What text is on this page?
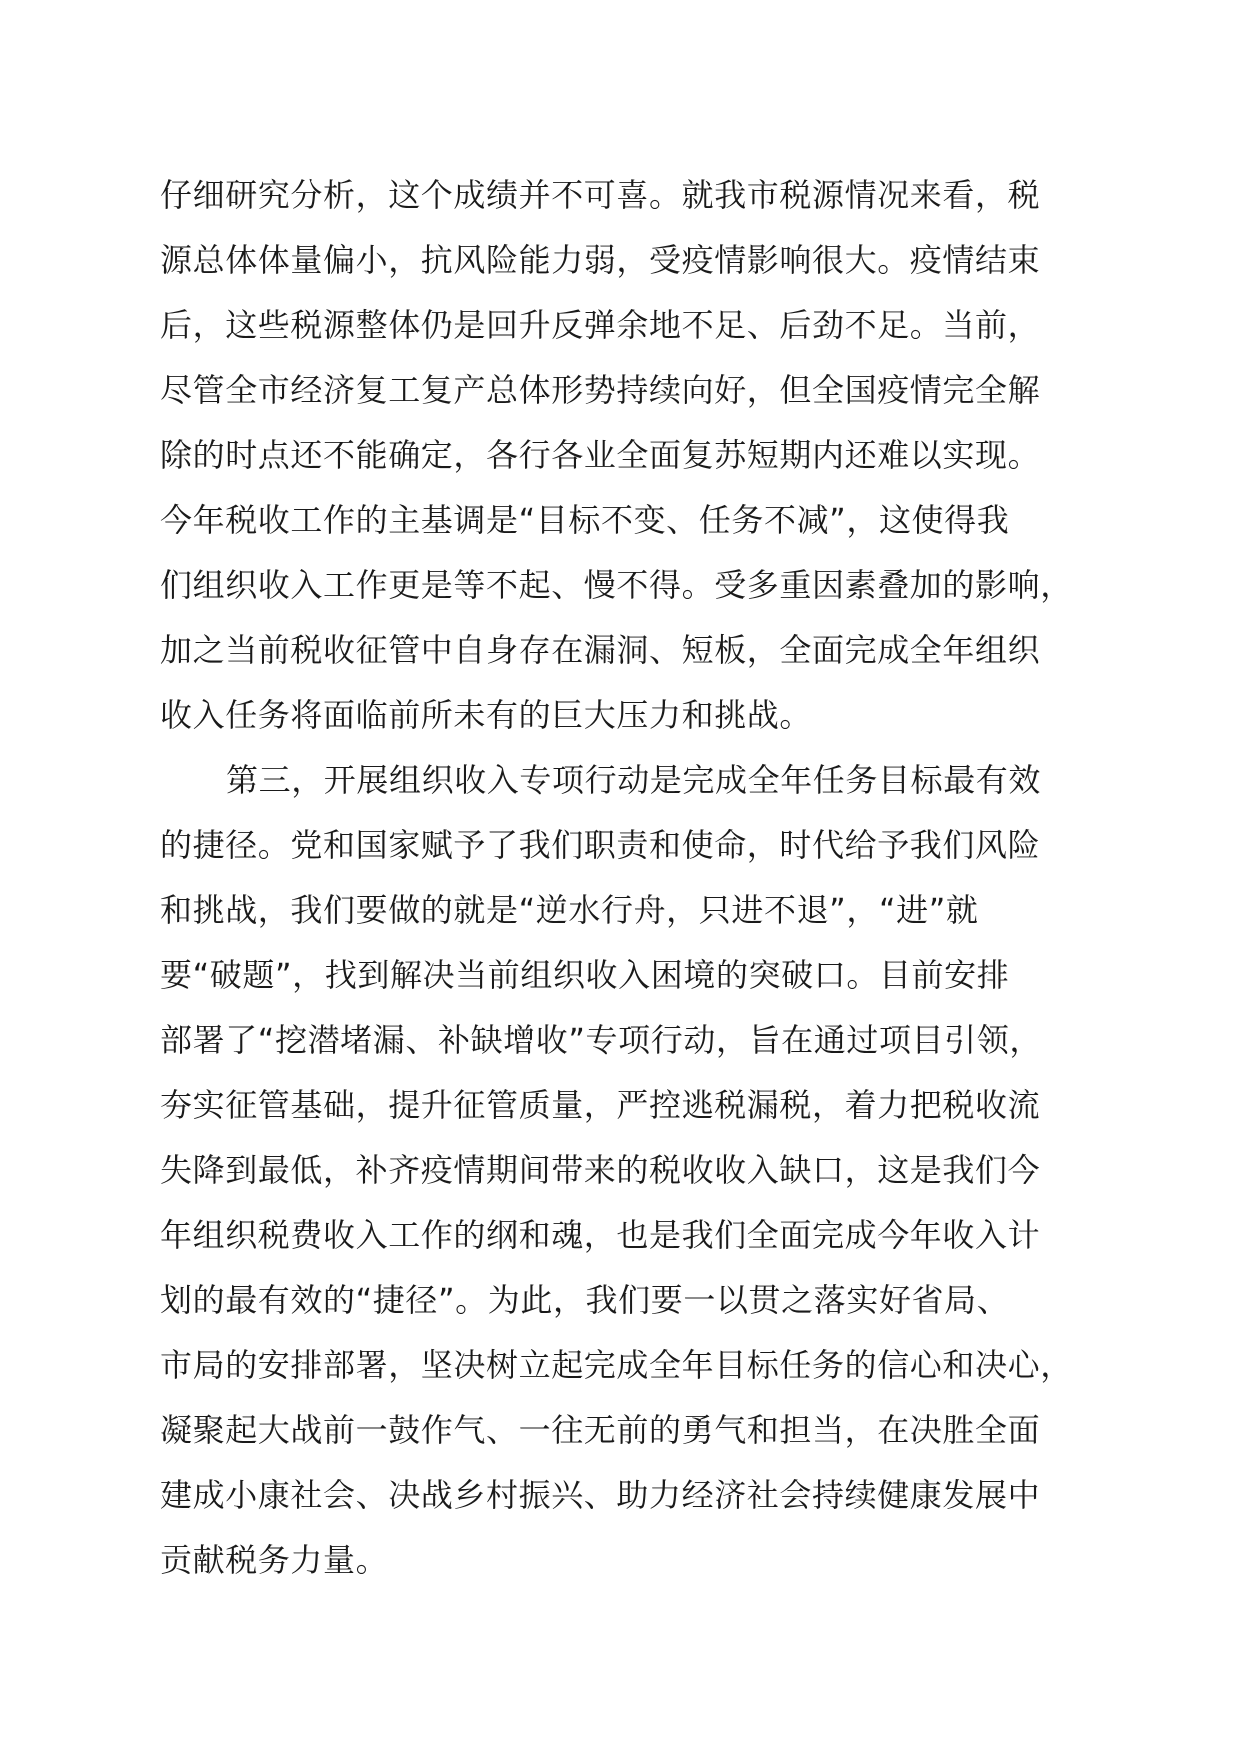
仔细研究分析，这个成绩并不可喜。就我市税源情况来看，税
源总体体量偏小，抗风险能力弱，受疫情影响很大。疫情结束
后，这些税源整体仍是回升反弹余地不足、后劲不足。当前，
尽管全市经济复工复产总体形势持续向好，但全国疫情完全解
除的时点还不能确定，各行各业全面复苏短期内还难以实现。
今年税收工作的主基调是“目标不变、任务不减”，这使得我
们组织收入工作更是等不起、慢不得。受多重因素叠加的影响，
加之当前税收征管中自身存在漏洞、短板，全面完成全年组织
收入任务将面临前所未有的巨大压力和挑战。
第三，开展组织收入专项行动是完成全年任务目标最有效
的捷径。党和国家赋予了我们职责和使命，时代给予我们风险
和挑战，我们要做的就是“逆水行舟，只进不退”，“进”就
要“破题”，找到解决当前组织收入困境的突破口。目前安排
部署了“挖潜堵漏、补缺增收”专项行动，旨在通过项目引领，
夯实征管基础，提升征管质量，严控逃税漏税，着力把税收流
失降到最低，补齐疫情期间带来的税收收入缺口，这是我们今
年组织税费收入工作的纲和魂，也是我们全面完成今年收入计
划的最有效的“捷径”。为此，我们要一以贯之落实好省局、
市局的安排部署，坚决树立起完成全年目标任务的信心和决心，
凝聚起大战前一鼓作气、一往无前的勇气和担当，在决胜全面
建成小康社会、决战乡村振兴、助力经济社会持续健康发展中
贡献税务力量。
